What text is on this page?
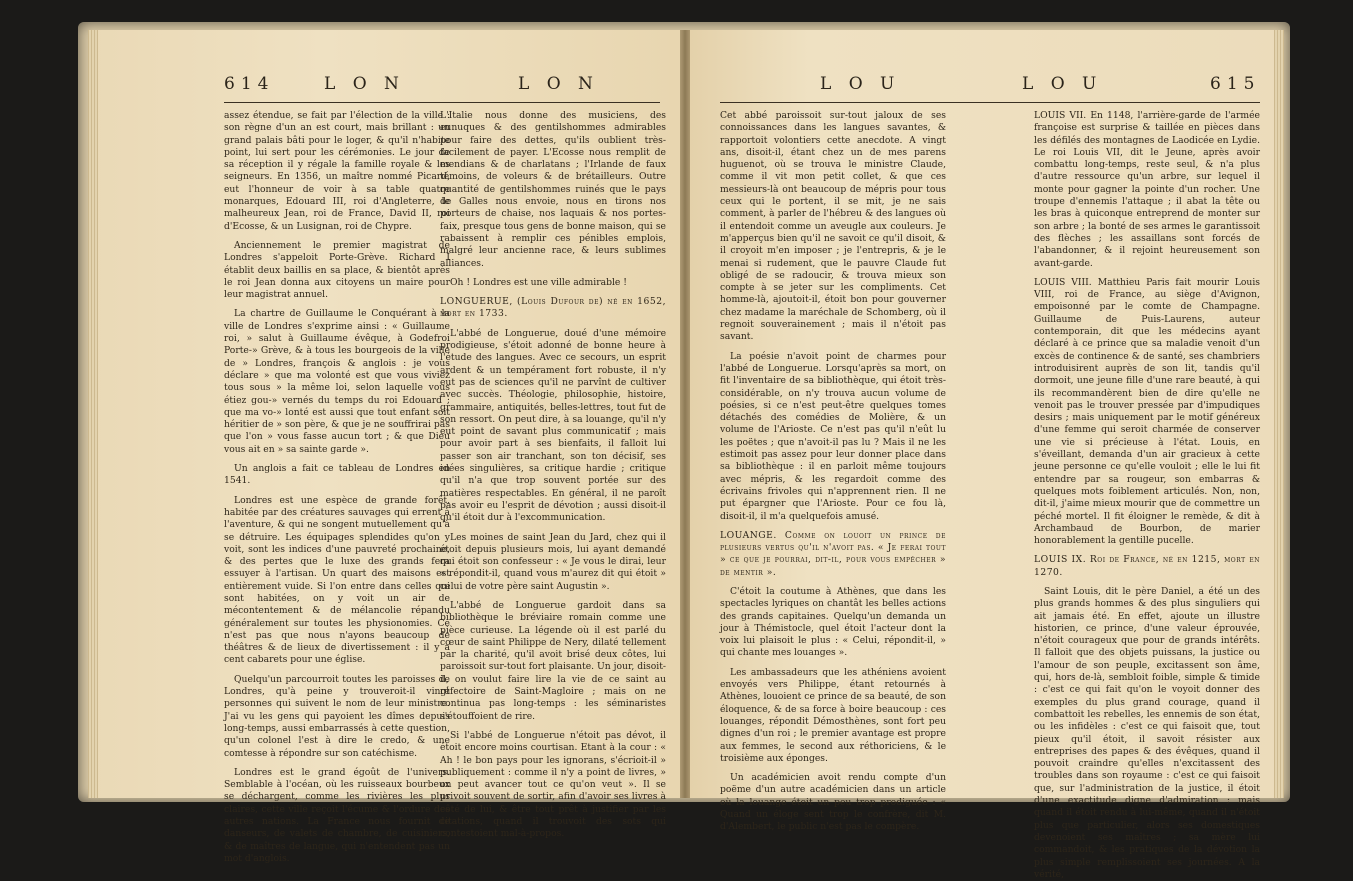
614	L O N	L O N

assez étendue, se fait par l'élection de la ville : son règne d'un an est court, mais brillant : un grand palais bâti pour le loger, & qu'il n'habite point, lui sert pour les cérémonies. Le jour de sa réception il y régale la famille royale & les seigneurs. En 1356, un maître nommé Picard, eut l'honneur de voir à sa table quatre monarques, Edouard III, roi d'Angleterre, le malheureux Jean, roi de France, David II, roi d'Ecosse, & un Lusignan, roi de Chypre.

Anciennement le premier magistrat de Londres s'appeloit Porte-Grève. Richard I établit deux baillis en sa place, & bientôt après le roi Jean donna aux citoyens un maire pour leur magistrat annuel.

La chartre de Guillaume le Conquérant à la ville de Londres s'exprime ainsi : « Guillaume roi, » salut à Guillaume évêque, à Godefroi Porte-» Grève, & à tous les bourgeois de la ville de » Londres, françois & anglois : je vous déclare » que ma volonté est que vous viviez tous sous » la même loi, selon laquelle vous étiez gou-» vernés du temps du roi Edouard ; que ma vo-» lonté est aussi que tout enfant soit héritier de » son père, & que je ne souffrirai pas que l'on » vous fasse aucun tort ; & que Dieu vous ait en » sa sainte garde ».

Un anglois a fait ce tableau de Londres en 1541.

Londres est une espèce de grande forêt, habitée par des créatures sauvages qui errent à l'aventure, & qui ne songent mutuellement qu'à se détruire. Les équipages splendides qu'on y voit, sont les indices d'une pauvreté prochaine, & des pertes que le luxe des grands fera essuyer à l'artisan. Un quart des maisons est entièrement vuide. Si l'on entre dans celles qui sont habitées, on y voit un air de mécontentement & de mélancolie répandu généralement sur toutes les physionomies. Ce n'est pas que nous n'ayons beaucoup de théâtres & de lieux de divertissement : il y a cent cabarets pour une église.

Quelqu'un parcourroit toutes les paroisses de Londres, qu'à peine y trouveroit-il vingt personnes qui suivent le nom de leur ministre. J'ai vu les gens qui payoient les dîmes depuis long-temps, aussi embarrassés à cette question, qu'un colonel l'est à dire le credo, & une comtesse à répondre sur son catéchisme.

Londres est le grand égoût de l'univers. Semblable à l'océan, où les ruisseaux bourbeux se déchargent, comme les rivières les plus claires, cette ville reçoit l'écume & l'ordure des autres nations. La France nous fournit de danseurs, de valets de chambre, de cuisiniers, & de maîtres de langue, qui n'entendent pas un mot d'anglois.

L'Italie nous donne des musiciens, des eunuques & des gentilshommes admirables pour faire des dettes, qu'ils oublient très-facilement de payer. L'Ecosse nous remplit de mendians & de charlatans ; l'Irlande de faux témoins, de voleurs & de brétailleurs. Outre quantité de gentilshommes ruinés que le pays de Galles nous envoie, nous en tirons nos porteurs de chaise, nos laquais & nos portes-faix, presque tous gens de bonne maison, qui se rabaissent à remplir ces pénibles emplois, malgré leur ancienne race, & leurs sublimes alliances.

Oh ! Londres est une ville admirable !

LONGUERUE, (Louis Dufour de) né en 1652, mort en 1733.

L'abbé de Longuerue, doué d'une mémoire prodigieuse, s'étoit adonné de bonne heure à l'étude des langues. Avec ce secours, un esprit ardent & un tempérament fort robuste, il n'y eut pas de sciences qu'il ne parvînt de cultiver avec succès. Théologie, philosophie, histoire, grammaire, antiquités, belles-lettres, tout fut de son ressort. On peut dire, à sa louange, qu'il n'y eut point de savant plus communicatif ; mais pour avoir part à ses bienfaits, il falloit lui passer son air tranchant, son ton décisif, ses idées singulières, sa critique hardie ; critique qu'il n'a que trop souvent portée sur des matières respectables. En général, il ne paroît pas avoir eu l'esprit de dévotion ; aussi disoit-il qu'il étoit dur à l'excommunication.

Les moines de saint Jean du Jard, chez qui il étoit depuis plusieurs mois, lui ayant demandé qui étoit son confesseur : « Je vous le dirai, leur » répondit-il, quand vous m'aurez dit qui étoit » celui de votre père saint Augustin ».

L'abbé de Longuerue gardoit dans sa bibliothèque le bréviaire romain comme une pièce curieuse. La légende où il est parlé du cœur de saint Philippe de Nery, dilaté tellement par la charité, qu'il avoit brisé deux côtes, lui paroissoit sur-tout fort plaisante. Un jour, disoit-il, on voulut faire lire la vie de ce saint au réfectoire de Saint-Magloire ; mais on ne continua pas long-temps : les séminaristes s'étouffoient de rire.

Si l'abbé de Longuerue n'étoit pas dévot, il étoit encore moins courtisan. Etant à la cour : « Ah ! le bon pays pour les ignorans, s'écrioit-il » publiquement : comme il n'y a point de livres, » on peut avancer tout ce qu'on veut ». Il se privoit souvent de sortir, afin d'avoir ses livres à côté de lui, & être tout prêt à justifier par les citations, quand il trouvoit des sots qui contestoient mal-à-propos.

L O U	L O U	615

Cet abbé paroissoit sur-tout jaloux de ses connoissances dans les langues savantes, & rapportoit volontiers cette anecdote. A vingt ans, disoit-il, étant chez un de mes parens huguenot, où se trouva le ministre Claude, comme il vit mon petit collet, & que ces messieurs-là ont beaucoup de mépris pour tous ceux qui le portent, il se mit, je ne sais comment, à parler de l'hébreu & des langues où il entendoit comme un aveugle aux couleurs. Je m'apperçus bien qu'il ne savoit ce qu'il disoit, & il croyoit m'en imposer ; je l'entrepris, & je le menai si rudement, que le pauvre Claude fut obligé de se radoucir, & trouva mieux son compte à se jeter sur les compliments. Cet homme-là, ajoutoit-il, étoit bon pour gouverner chez madame la maréchale de Schomberg, où il regnoit souverainement ; mais il n'étoit pas savant.

La poésie n'avoit point de charmes pour l'abbé de Longuerue. Lorsqu'après sa mort, on fit l'inventaire de sa bibliothèque, qui étoit très-considérable, on n'y trouva aucun volume de poésies, si ce n'est peut-être quelques tomes détachés des comédies de Molière, & un volume de l'Arioste. Ce n'est pas qu'il n'eût lu les poëtes ; que n'avoit-il pas lu ? Mais il ne les estimoit pas assez pour leur donner place dans sa bibliothèque : il en parloit même toujours avec mépris, & les regardoit comme des écrivains frivoles qui n'apprennent rien. Il ne put épargner que l'Arioste. Pour ce fou là, disoit-il, il m'a quelquefois amusé.

LOUANGE. Comme on louoit un prince de plusieurs vertus qu'il n'avoit pas. « Je ferai tout » ce que je pourrai, dit-il, pour vous empêcher » de mentir ».

C'étoit la coutume à Athènes, que dans les spectacles lyriques on chantât les belles actions des grands capitaines. Quelqu'un demanda un jour à Thémistocle, quel étoit l'acteur dont la voix lui plaisoit le plus : « Celui, répondit-il, » qui chante mes louanges ».

Les ambassadeurs que les athéniens avoient envoyés vers Philippe, étant retournés à Athènes, louoient ce prince de sa beauté, de son éloquence, & de sa force à boire beaucoup : ces louanges, répondit Démosthènes, sont fort peu dignes d'un roi ; le premier avantage est propre aux femmes, le second aux réthoriciens, & le troisième aux éponges.

Un académicien avoit rendu compte d'un poëme d'un autre académicien dans un article où la louange étoit un peu trop prodiguée : « Quand un éloge sent trop le confrère, dit M. d'Alembert, le public n'est pas le compère.

LOUIS VII. En 1148, l'arrière-garde de l'armée françoise est surprise & taillée en pièces dans les défilés des montagnes de Laodicée en Lydie. Le roi Louis VII, dit le Jeune, après avoir combattu long-temps, reste seul, & n'a plus d'autre ressource qu'un arbre, sur lequel il monte pour gagner la pointe d'un rocher. Une troupe d'ennemis l'attaque ; il abat la tête ou les bras à quiconque entreprend de monter sur son arbre ; la bonté de ses armes le garantissoit des flèches ; les assaillans sont forcés de l'abandonner, & il rejoint heureusement son avant-garde.

LOUIS VIII. Matthieu Paris fait mourir Louis VIII, roi de France, au siège d'Avignon, empoisonné par le comte de Champagne. Guillaume de Puis-Laurens, auteur contemporain, dit que les médecins ayant déclaré à ce prince que sa maladie venoit d'un excès de continence & de santé, ses chambriers introduisirent auprès de son lit, tandis qu'il dormoit, une jeune fille d'une rare beauté, à qui ils recommandèrent bien de dire qu'elle ne venoit pas le trouver pressée par d'impudiques desirs ; mais uniquement par le motif généreux d'une femme qui seroit charmée de conserver une vie si précieuse à l'état. Louis, en s'éveillant, demanda d'un air gracieux à cette jeune personne ce qu'elle vouloit ; elle le lui fit entendre par sa rougeur, son embarras & quelques mots foiblement articulés. Non, non, dit-il, j'aime mieux mourir que de commettre un péché mortel. Il fit éloigner le remède, & dit à Archambaud de Bourbon, de marier honorablement la gentille pucelle.

LOUIS IX. Roi de France, né en 1215, mort en 1270.

Saint Louis, dit le père Daniel, a été un des plus grands hommes & des plus singuliers qui ait jamais été. En effet, ajoute un illustre historien, ce prince, d'une valeur éprouvée, n'étoit courageux que pour de grands intérêts. Il falloit que des objets puissans, la justice ou l'amour de son peuple, excitassent son âme, qui, hors de-là, sembloit foible, simple & timide : c'est ce qui fait qu'on le voyoit donner des exemples du plus grand courage, quand il combattoit les rebelles, les ennemis de son état, ou les infidèles : c'est ce qui faisoit que, tout pieux qu'il étoit, il savoit résister aux entreprises des papes & des évêques, quand il pouvoit craindre qu'elles n'excitassent des troubles dans son royaume : c'est ce qui faisoit que, sur l'administration de la justice, il étoit d'une exactitude digne d'admiration ; mais quand il étoit rendu à lui-même, quand il n'étoit plus que particulier, alors ses domestiques devenoient ses maîtres ; sa mère lui commandoit, & les pratiques de la dévotion la plus simple remplissoient ses journées. A la vérité,
